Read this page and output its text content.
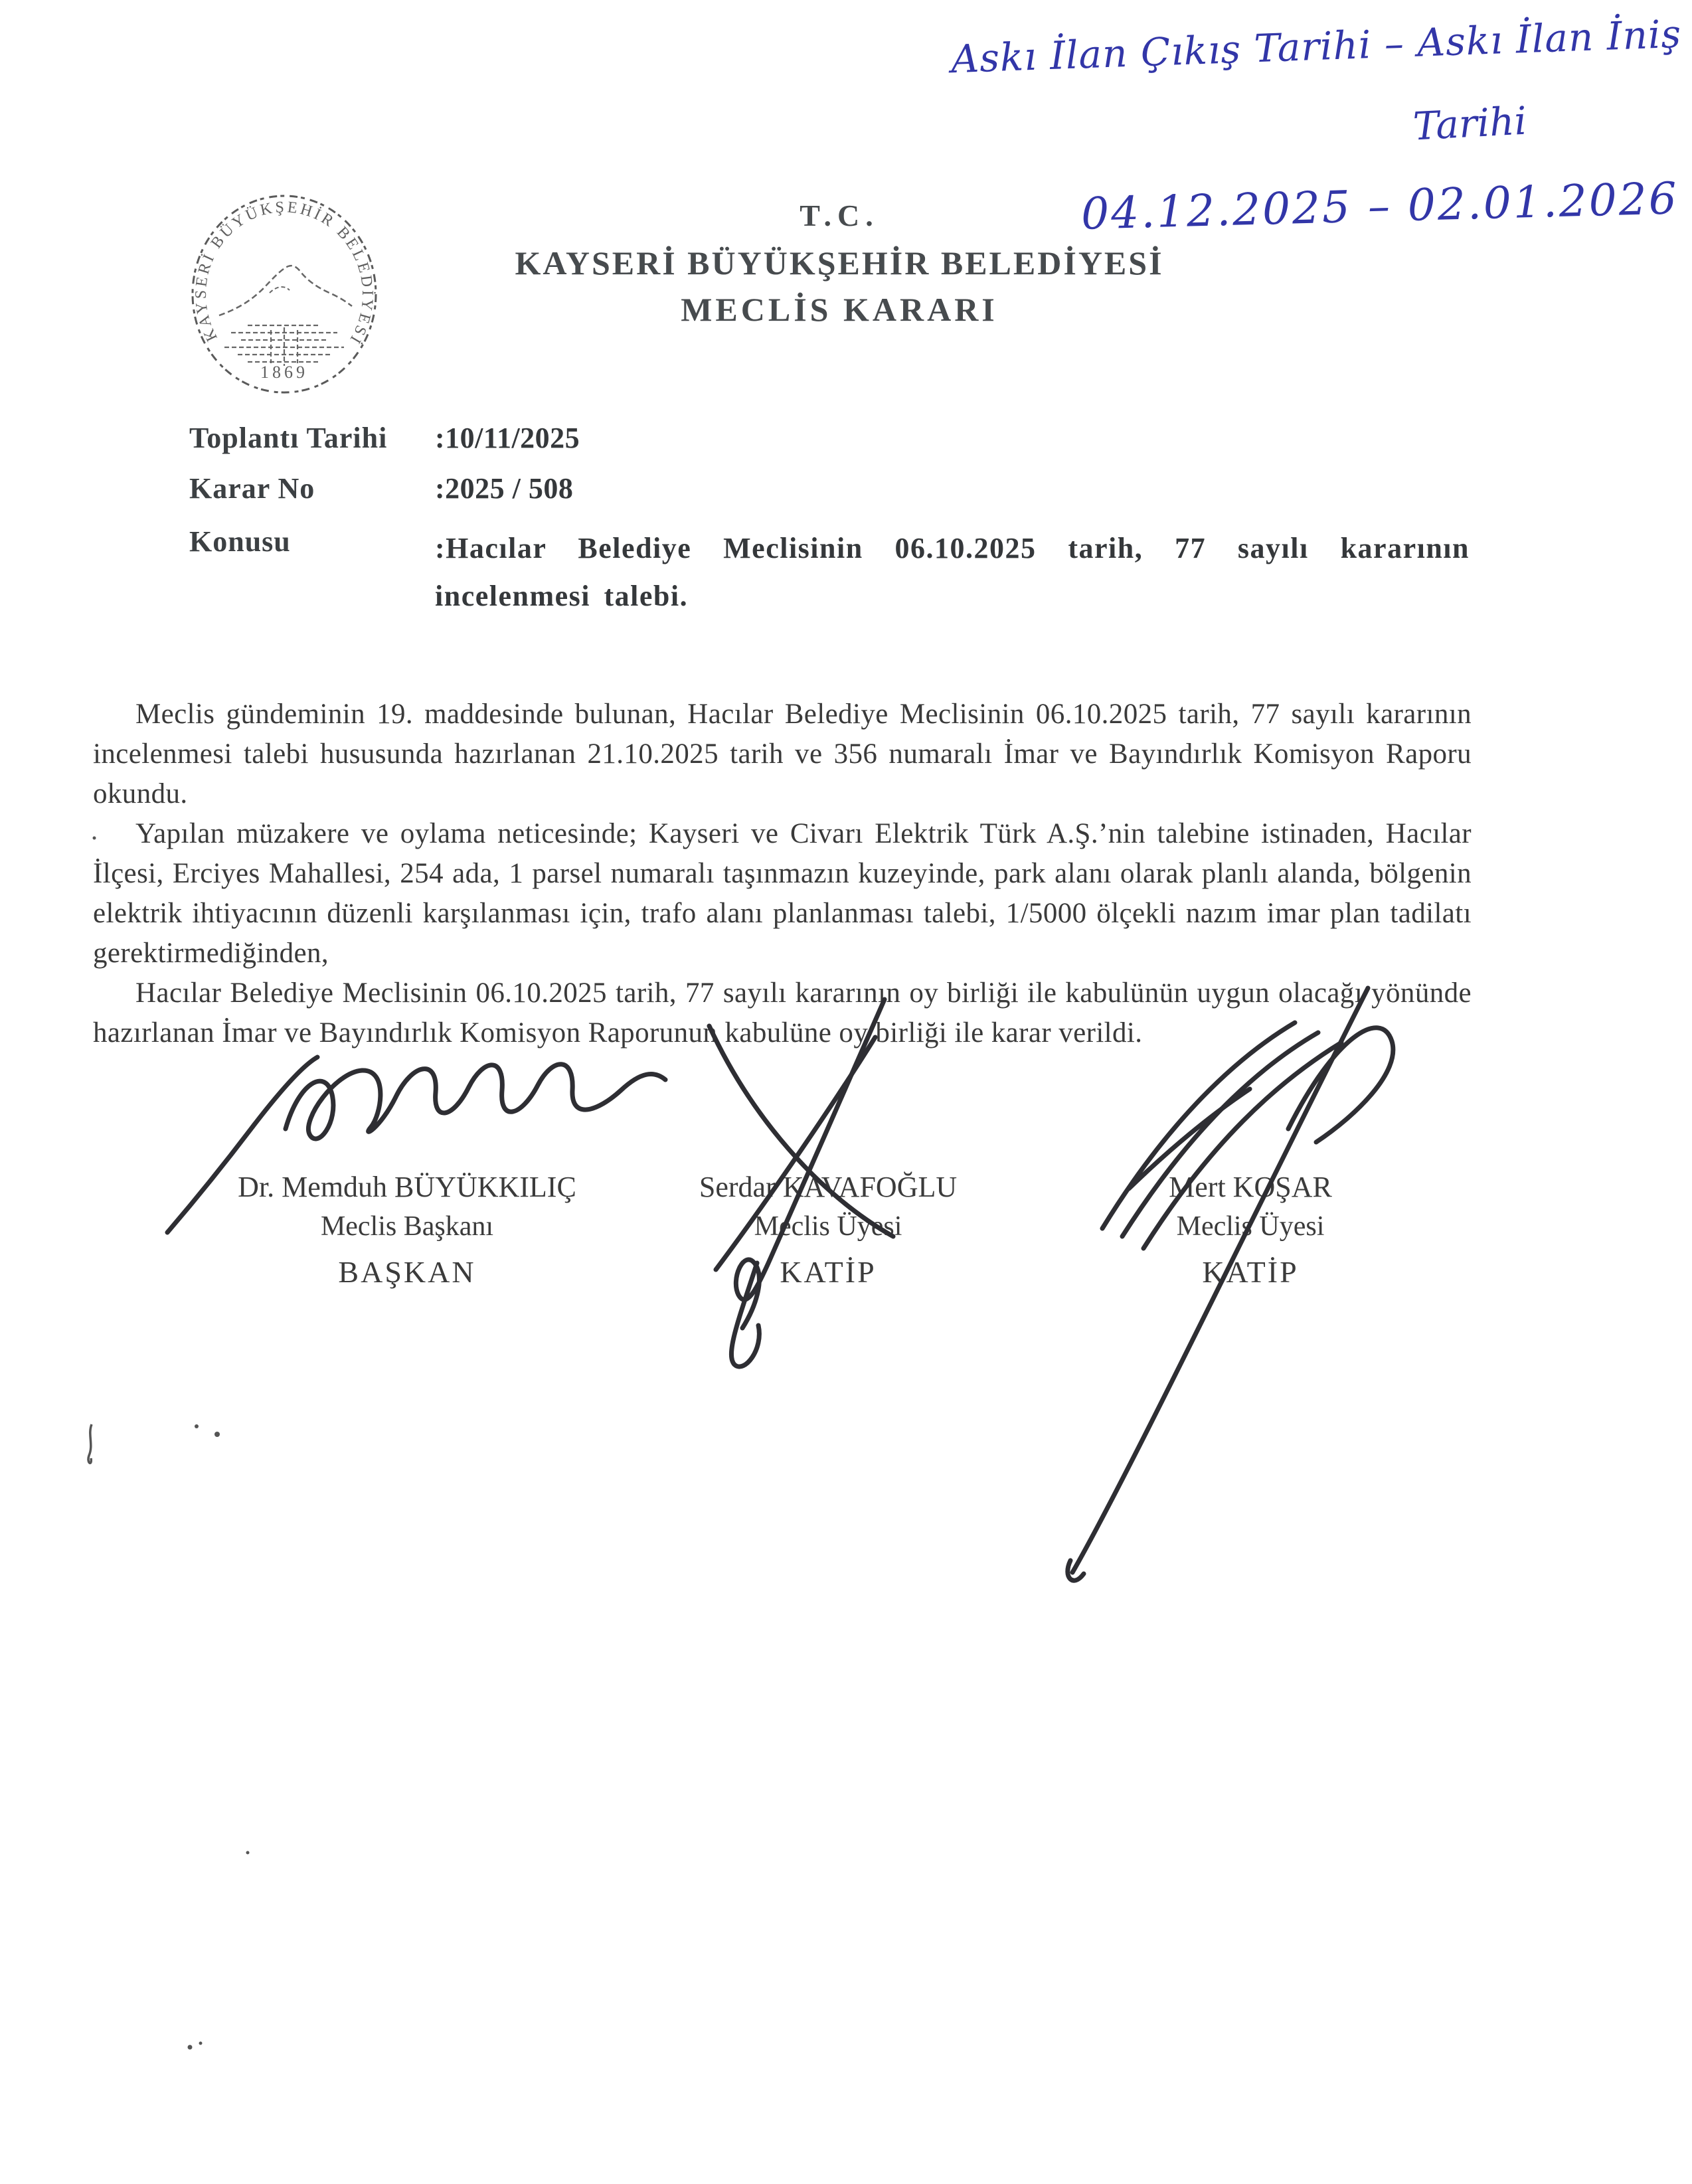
Askı İlan Çıkış Tarihi – Askı İlan İniş
Tarihi
04.12.2025 – 02.01.2026
KAYSERİ BÜYÜKŞEHİR BELEDİYESİ
1869
T.C.
KAYSERİ BÜYÜKŞEHİR BELEDİYESİ
MECLİS KARARI
Toplantı Tarihi	:10/11/2025
Karar No	:2025 / 508
Konusu	:Hacılar Belediye Meclisinin 06.10.2025 tarih, 77 sayılı kararının incelenmesi talebi.

Meclis gündeminin 19. maddesinde bulunan, Hacılar Belediye Meclisinin 06.10.2025 tarih, 77 sayılı kararının incelenmesi talebi hususunda hazırlanan 21.10.2025 tarih ve 356 numaralı İmar ve Bayındırlık Komisyon Raporu okundu.

Yapılan müzakere ve oylama neticesinde; Kayseri ve Civarı Elektrik Türk A.Ş.’nin talebine istinaden, Hacılar İlçesi, Erciyes Mahallesi, 254 ada, 1 parsel numaralı taşınmazın kuzeyinde, park alanı olarak planlı alanda, bölgenin elektrik ihtiyacının düzenli karşılanması için, trafo alanı planlanması talebi, 1/5000 ölçekli nazım imar plan tadilatı gerektirmediğinden,

Hacılar Belediye Meclisinin 06.10.2025 tarih, 77 sayılı kararının oy birliği ile kabulünün uygun olacağı yönünde hazırlanan İmar ve Bayındırlık Komisyon Raporunun kabulüne oy birliği ile karar verildi.

Dr. Memduh BÜYÜKKILIÇ
Meclis Başkanı
BAŞKAN
Serdar KAVAFOĞLU
Meclis Üyesi
KATİP
Mert KOŞAR
Meclis Üyesi
KATİP
